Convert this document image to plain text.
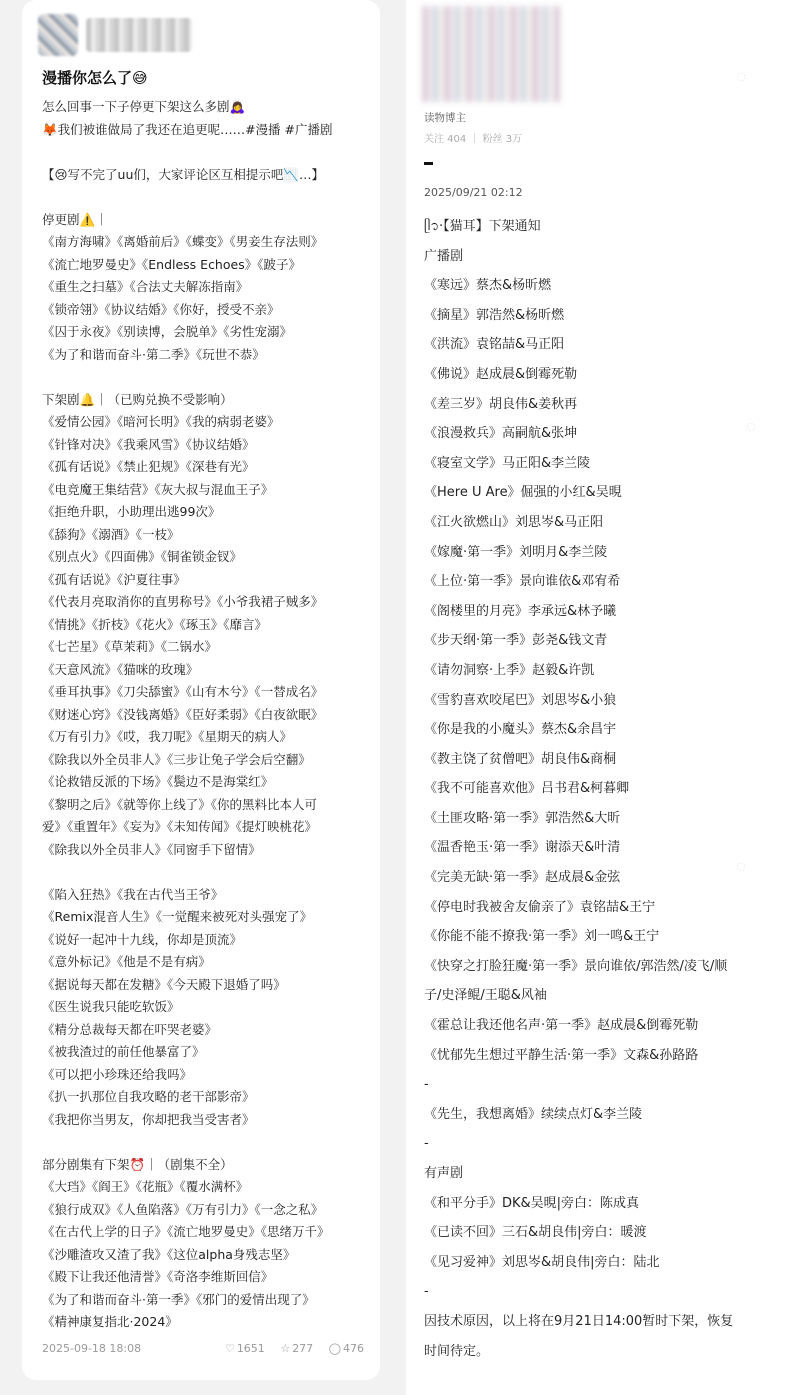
漫播你怎么了😅
怎么回事一下子停更下架这么多剧🙇‍♀️
🦊我们被谁做局了我还在追更呢……#漫播 #广播剧
【😢写不完了uu们，大家评论区互相提示吧📉…】
停更剧⚠️｜
《南方海啸》《离婚前后》《蝶变》《男妾生存法则》
《流亡地罗曼史》《Endless Echoes》《跛子》
《重生之扫墓》《合法丈夫解冻指南》
《锁帝翎》《协议结婚》《你好，授受不亲》
《囚于永夜》《别读博，会脱单》《劣性宠溺》
《为了和谐而奋斗·第二季》《玩世不恭》
下架剧🔔｜（已购兑换不受影响）
《爱情公园》《暗河长明》《我的病弱老婆》
《针锋对决》《我乘风雪》《协议结婚》
《孤有话说》《禁止犯规》《深巷有光》
《电竞魔王集结营》《灰大叔与混血王子》
《拒绝升职，小助理出逃99次》
《舔狗》《溺酒》《一枝》
《别点火》《四面佛》《铜雀锁金钗》
《孤有话说》《沪夏往事》
《代表月亮取消你的直男称号》《小爷我裙子贼多》
《情挑》《折枝》《花火》《琢玉》《靡言》
《七芒星》《草茉莉》《二锅水》
《天意风流》《猫咪的玫瑰》
《垂耳执事》《刀尖舔蜜》《山有木兮》《一替成名》
《财迷心窍》《没钱离婚》《臣好柔弱》《白夜欲眠》
《万有引力》《哎，我刀呢》《星期天的病人》
《除我以外全员非人》《三步让兔子学会后空翻》
《论救错反派的下场》《鬓边不是海棠红》
《黎明之后》《就等你上线了》《你的黑料比本人可
爱》《重置年》《妄为》《未知传闻》《提灯映桃花》
《除我以外全员非人》《同窗手下留情》
《陷入狂热》《我在古代当王爷》
《Remix混音人生》《一觉醒来被死对头强宠了》
《说好一起冲十九线，你却是顶流》
《意外标记》《他是不是有病》
《据说每天都在发糖》《今天殿下退婚了吗》
《医生说我只能吃软饭》
《精分总裁每天都在吓哭老婆》
《被我渣过的前任他暴富了》
《可以把小珍珠还给我吗》
《扒一扒那位自我攻略的老干部影帝》
《我把你当男友，你却把我当受害者》
部分剧集有下架⏰｜（剧集不全）
《大珰》《阎王》《花瓶》《覆水满杯》
《狼行成双》《人鱼陷落》《万有引力》《一念之私》
《在古代上学的日子》《流亡地罗曼史》《思绪万千》
《沙雕渣攻又渣了我》《这位alpha身残志坚》
《殿下让我还他清誉》《奇洛李维斯回信》
《为了和谐而奋斗·第一季》《邪门的爱情出现了》
《精神康复指北·2024》
2025-09-18 18:08	♡ 1651 ☆ 277 ◯ 476
读物博主
关注 404 ｜ 粉丝 3万
2025/09/21 02:12
ᥫ᭡·【猫耳】下架通知
广播剧
《寒远》蔡杰&杨昕燃
《摘星》郭浩然&杨昕燃
《洪流》袁铭喆&马正阳
《佛说》赵成晨&倒霉死勒
《差三岁》胡良伟&姜秋再
《浪漫救兵》高嗣航&张坤
《寝室文学》马正阳&李兰陵
《Here U Are》倔强的小红&吴晛
《江火欲燃山》刘思岑&马正阳
《嫁魔·第一季》刘明月&李兰陵
《上位·第一季》景向谁依&邓宥希
《阁楼里的月亮》李承远&林予曦
《步天纲·第一季》彭尧&钱文青
《请勿洞察·上季》赵毅&许凯
《雪豹喜欢咬尾巴》刘思岑&小狼
《你是我的小魔头》蔡杰&余昌宇
《教主饶了贫僧吧》胡良伟&商桐
《我不可能喜欢他》吕书君&柯暮卿
《土匪攻略·第一季》郭浩然&大昕
《温香艳玉·第一季》谢添天&叶清
《完美无缺·第一季》赵成晨&金弦
《停电时我被舍友偷亲了》袁铭喆&王宁
《你能不能不撩我·第一季》刘一鸣&王宁
《快穿之打脸狂魔·第一季》景向谁依/郭浩然/凌飞/顺
子/史泽鲲/王聪&风袖
《霍总让我还他名声·第一季》赵成晨&倒霉死勒
《忧郁先生想过平静生活·第一季》文森&孙路路
-
《先生，我想离婚》续续点灯&李兰陵
-
有声剧
《和平分手》DK&吴晛|旁白：陈成真
《已读不回》三石&胡良伟|旁白：暖渡
《见习爱神》刘思岑&胡良伟|旁白：陆北
-
因技术原因，以上将在9月21日14:00暂时下架，恢复
时间待定。
◌
◌
◌
